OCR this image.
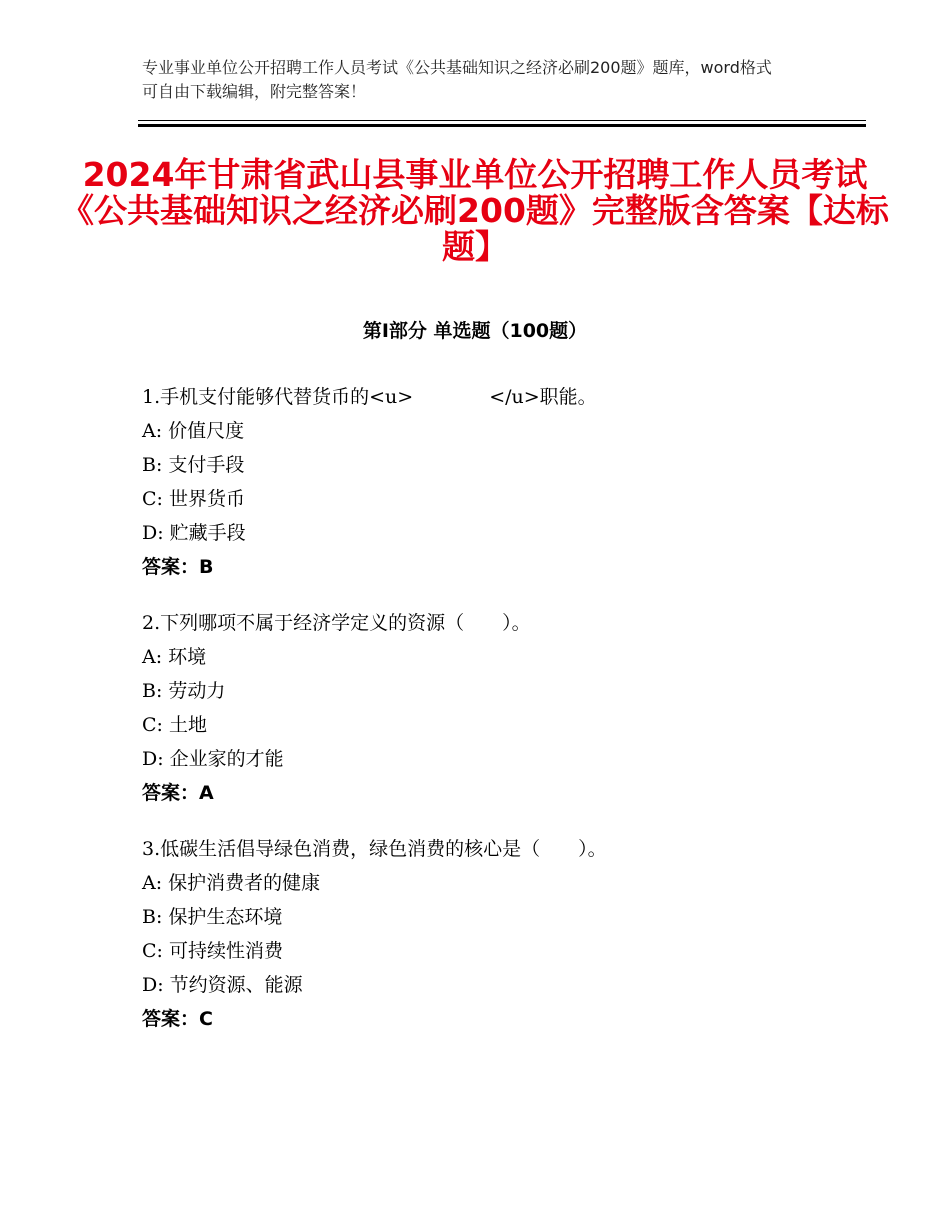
专业事业单位公开招聘工作人员考试《公共基础知识之经济必刷200题》题库，word格式可自由下载编辑，附完整答案！
2024年甘肃省武山县事业单位公开招聘工作人员考试《公共基础知识之经济必刷200题》完整版含答案【达标题】
第Ⅰ部分 单选题（100题）
1.手机支付能够代替货币的<u>　　　　</u>职能。
A: 价值尺度
B: 支付手段
C: 世界货币
D: 贮藏手段
答案：B
2.下列哪项不属于经济学定义的资源（　　）。
A: 环境
B: 劳动力
C: 土地
D: 企业家的才能
答案：A
3.低碳生活倡导绿色消费，绿色消费的核心是（　　）。
A: 保护消费者的健康
B: 保护生态环境
C: 可持续性消费
D: 节约资源、能源
答案：C
